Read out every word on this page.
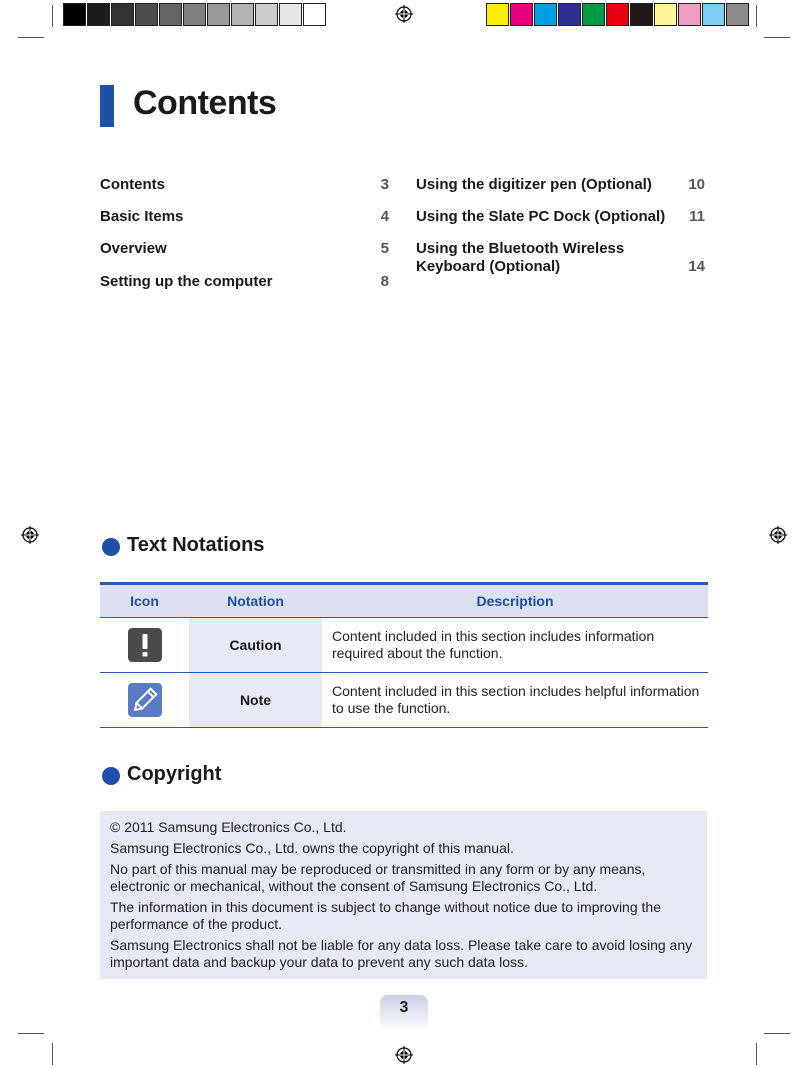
Contents
Contents	3
Basic Items	4
Overview	5
Setting up the computer	8
Using the digitizer pen (Optional)	10
Using the Slate PC Dock (Optional)	11
Using the Bluetooth Wireless
Keyboard (Optional)	14
Text Notations
Icon	Notation	Description
	Caution	Content included in this section includes information required about the function.
	Note	Content included in this section includes helpful information to use the function.
Copyright

© 2011 Samsung Electronics Co., Ltd.

Samsung Electronics Co., Ltd. owns the copyright of this manual.

No part of this manual may be reproduced or transmitted in any form or by any means, electronic or mechanical, without the consent of Samsung Electronics Co., Ltd.

The information in this document is subject to change without notice due to improving the performance of the product.

Samsung Electronics shall not be liable for any data loss. Please take care to avoid losing any important data and backup your data to prevent any such data loss.

3
